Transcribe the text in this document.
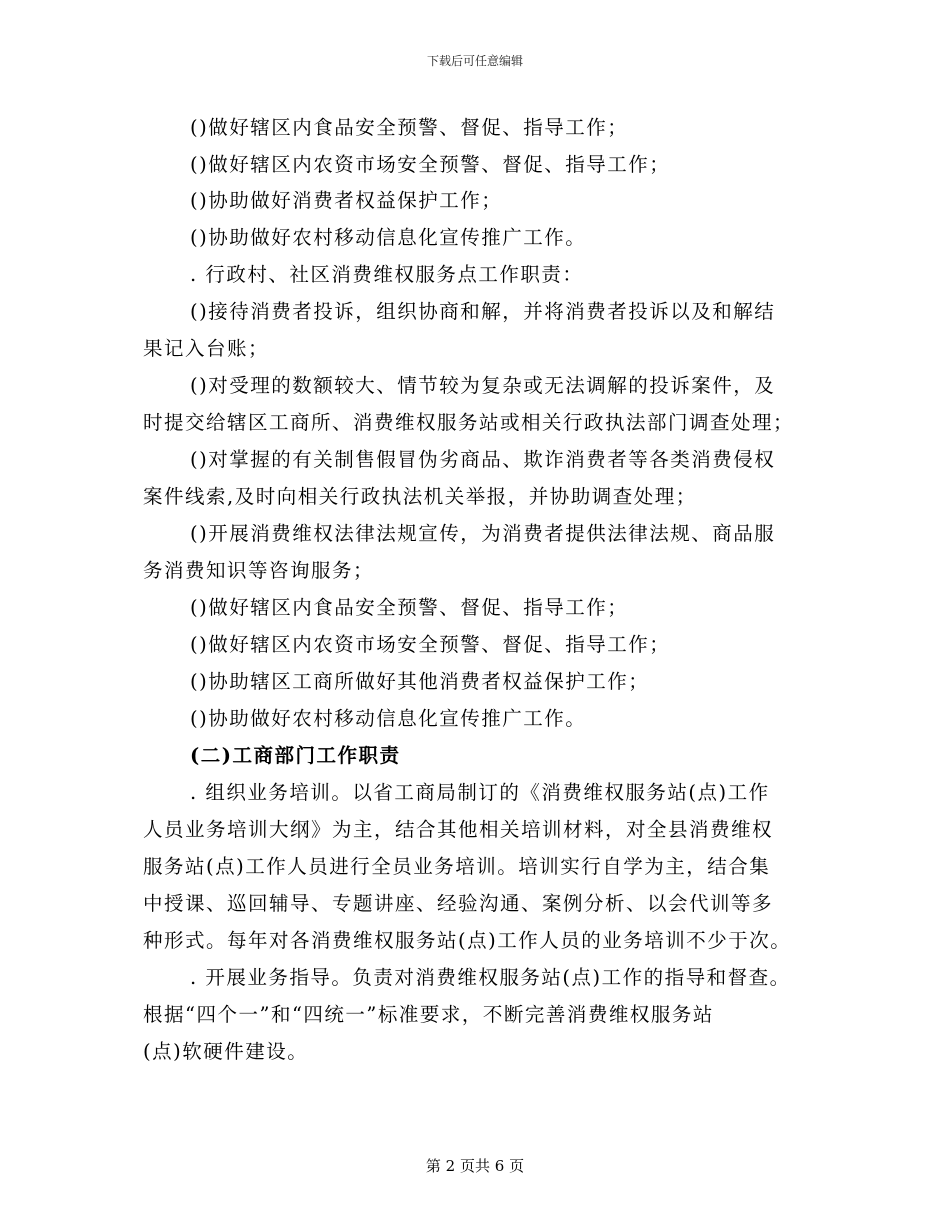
下载后可任意编辑
()做好辖区内食品安全预警、督促、指导工作；
()做好辖区内农资市场安全预警、督促、指导工作；
()协助做好消费者权益保护工作；
()协助做好农村移动信息化宣传推广工作。
. 行政村、社区消费维权服务点工作职责：
()接待消费者投诉，组织协商和解，并将消费者投诉以及和解结
果记入台账；
()对受理的数额较大、情节较为复杂或无法调解的投诉案件，及
时提交给辖区工商所、消费维权服务站或相关行政执法部门调查处理；
()对掌握的有关制售假冒伪劣商品、欺诈消费者等各类消费侵权
案件线索,及时向相关行政执法机关举报，并协助调查处理；
()开展消费维权法律法规宣传，为消费者提供法律法规、商品服
务消费知识等咨询服务；
()做好辖区内食品安全预警、督促、指导工作；
()做好辖区内农资市场安全预警、督促、指导工作；
()协助辖区工商所做好其他消费者权益保护工作；
()协助做好农村移动信息化宣传推广工作。
(二)工商部门工作职责
. 组织业务培训。以省工商局制订的《消费维权服务站(点)工作
人员业务培训大纲》为主，结合其他相关培训材料，对全县消费维权
服务站(点)工作人员进行全员业务培训。培训实行自学为主，结合集
中授课、巡回辅导、专题讲座、经验沟通、案例分析、以会代训等多
种形式。每年对各消费维权服务站(点)工作人员的业务培训不少于次。
. 开展业务指导。负责对消费维权服务站(点)工作的指导和督查。
根据“四个一”和“四统一”标准要求，不断完善消费维权服务站
(点)软硬件建设。
第 2 页共 6 页
